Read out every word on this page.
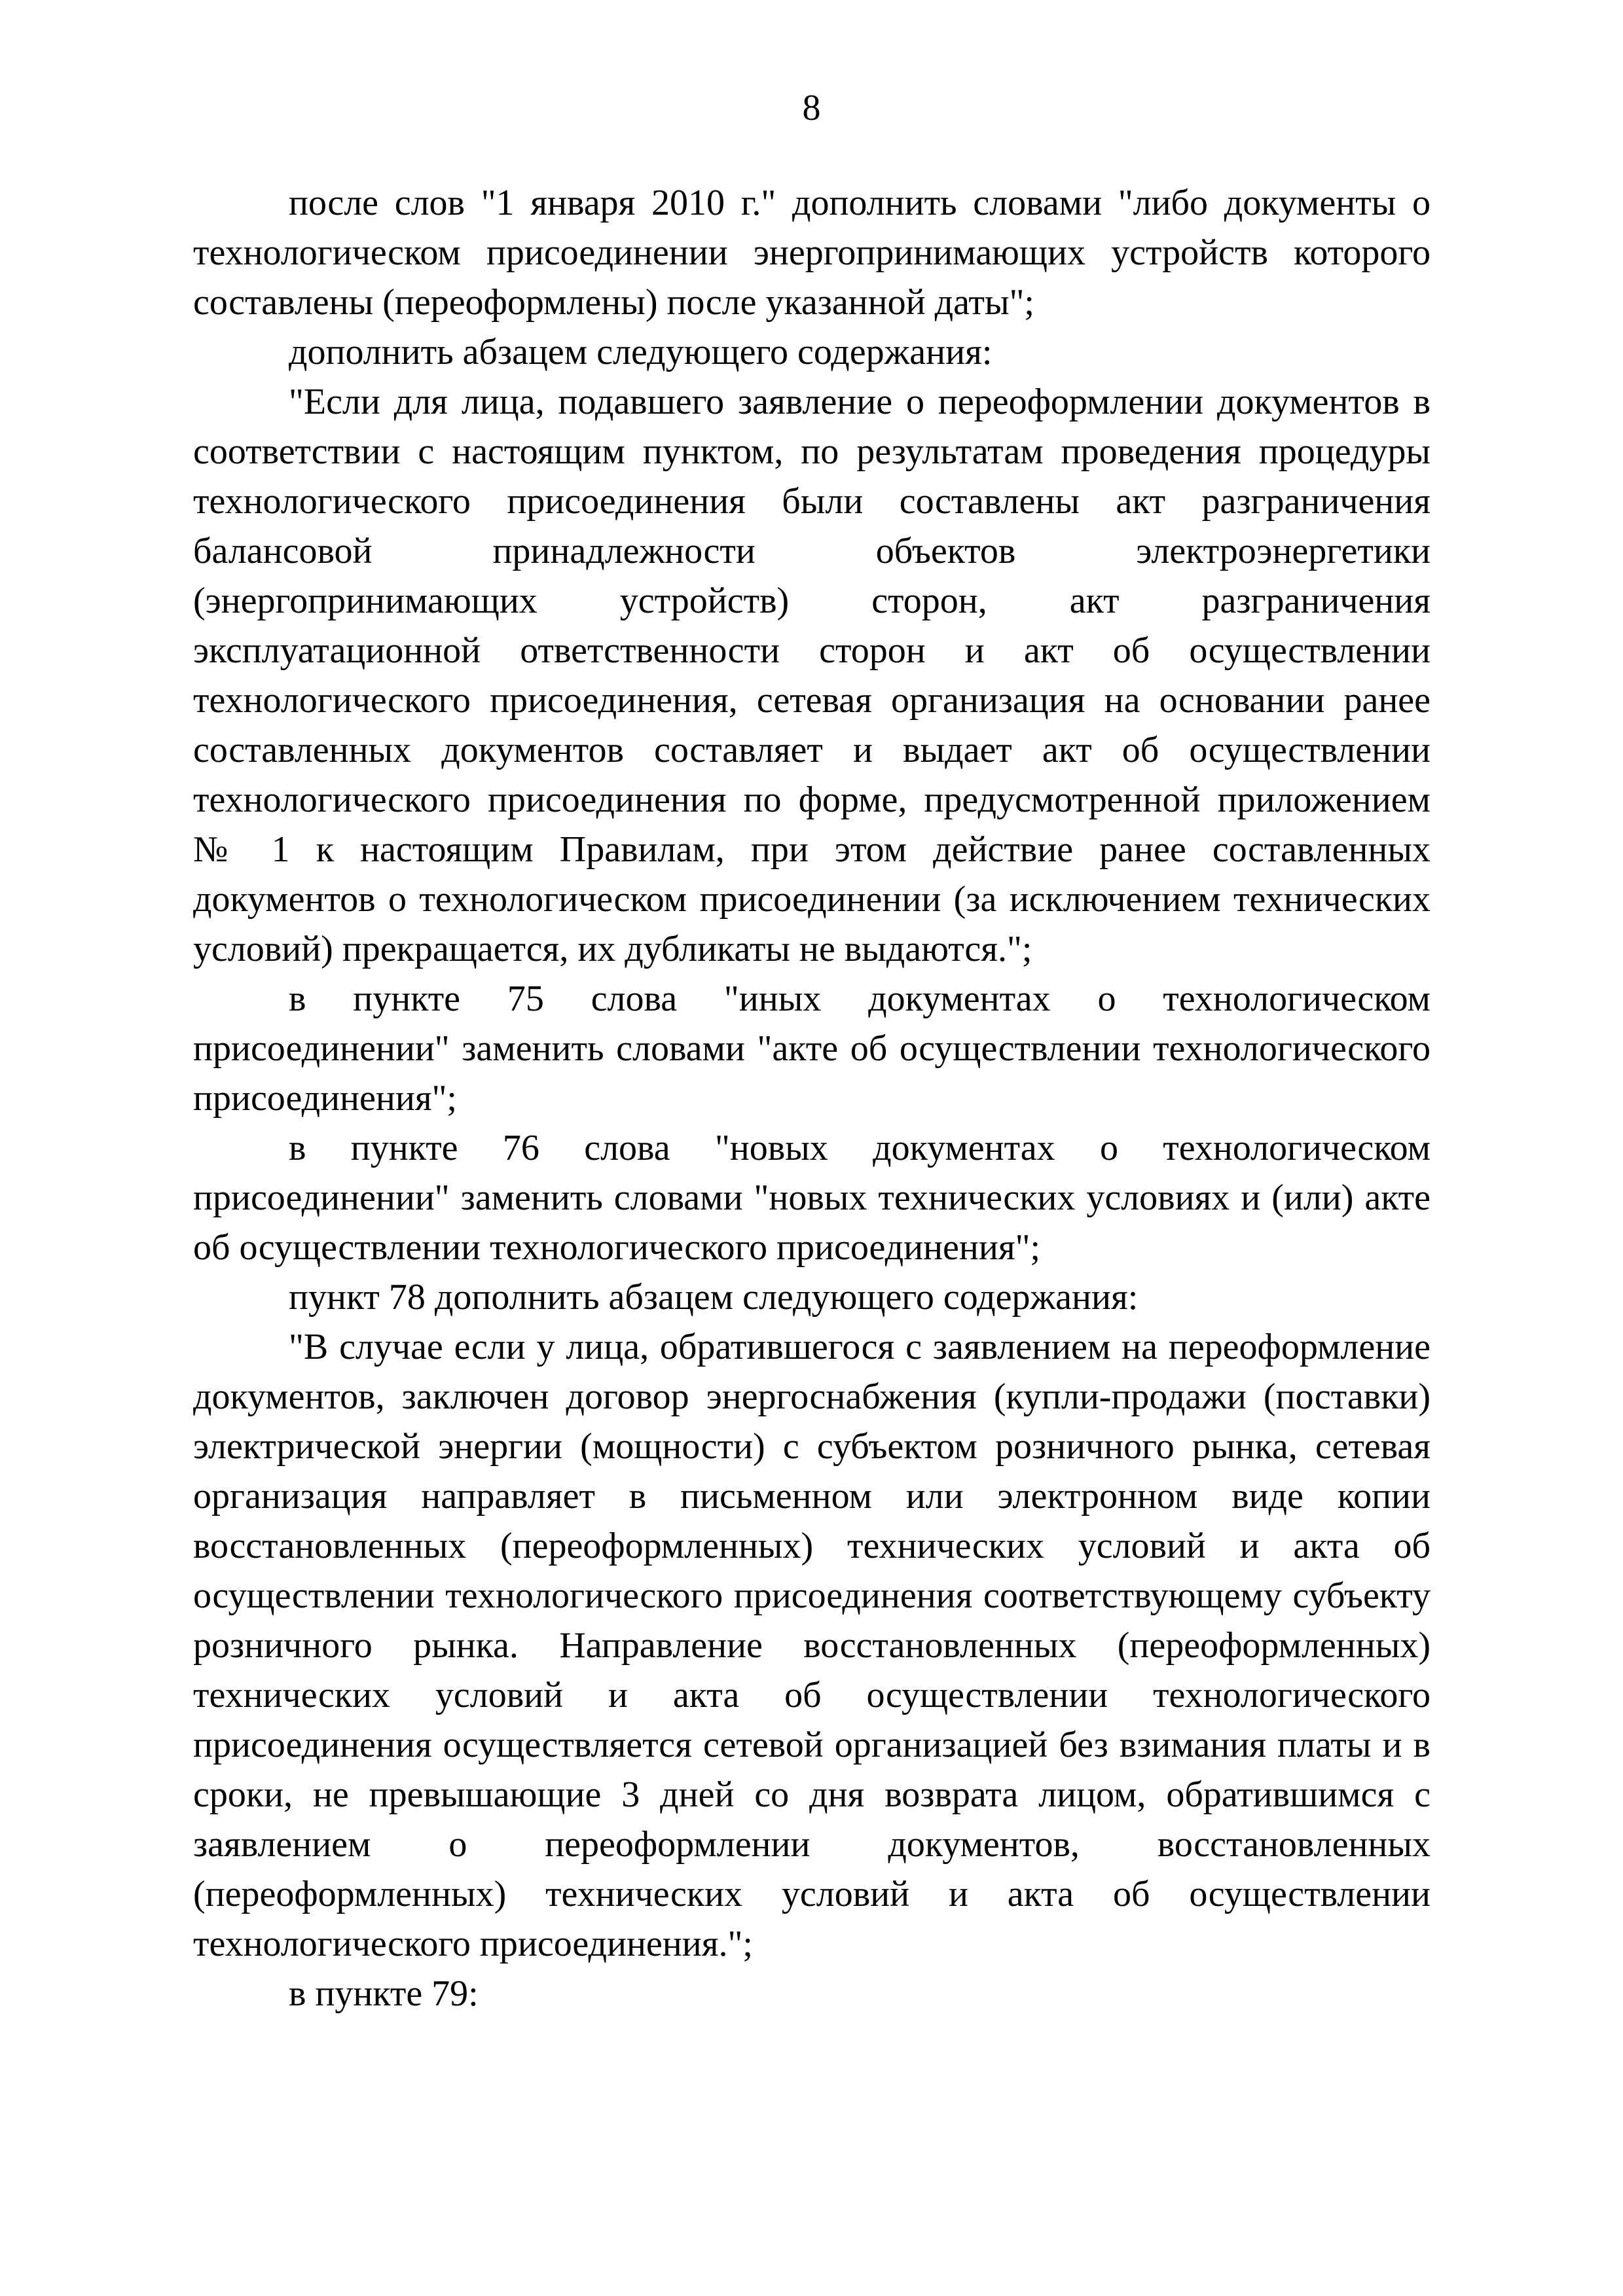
8

после слов "1 января 2010 г." дополнить словами "либо документы о технологическом присоединении энергопринимающих устройств которого составлены (переоформлены) после указанной даты";

дополнить абзацем следующего содержания:

"Если для лица, подавшего заявление о переоформлении документов в соответствии с настоящим пунктом, по результатам проведения процедуры технологического присоединения были составлены акт разграничения балансовой принадлежности объектов электроэнергетики (энергопринимающих устройств) сторон, акт разграничения эксплуатационной ответственности сторон и акт об осуществлении технологического присоединения, сетевая организация на основании ранее составленных документов составляет и выдает акт об осуществлении технологического присоединения по форме, предусмотренной приложением № 1 к настоящим Правилам, при этом действие ранее составленных документов о технологическом присоединении (за исключением технических условий) прекращается, их дубликаты не выдаются.";

в пункте 75 слова "иных документах о технологическом присоединении" заменить словами "акте об осуществлении технологического присоединения";

в пункте 76 слова "новых документах о технологическом присоединении" заменить словами "новых технических условиях и (или) акте об осуществлении технологического присоединения";

пункт 78 дополнить абзацем следующего содержания:

"В случае если у лица, обратившегося с заявлением на переоформление документов, заключен договор энергоснабжения (купли-продажи (поставки) электрической энергии (мощности) с субъектом розничного рынка, сетевая организация направляет в письменном или электронном виде копии восстановленных (переоформленных) технических условий и акта об осуществлении технологического присоединения соответствующему субъекту розничного рынка. Направление восстановленных (переоформленных) технических условий и акта об осуществлении технологического присоединения осуществляется сетевой организацией без взимания платы и в сроки, не превышающие 3 дней со дня возврата лицом, обратившимся с заявлением о переоформлении документов, восстановленных (переоформленных) технических условий и акта об осуществлении технологического присоединения.";

в пункте 79:
